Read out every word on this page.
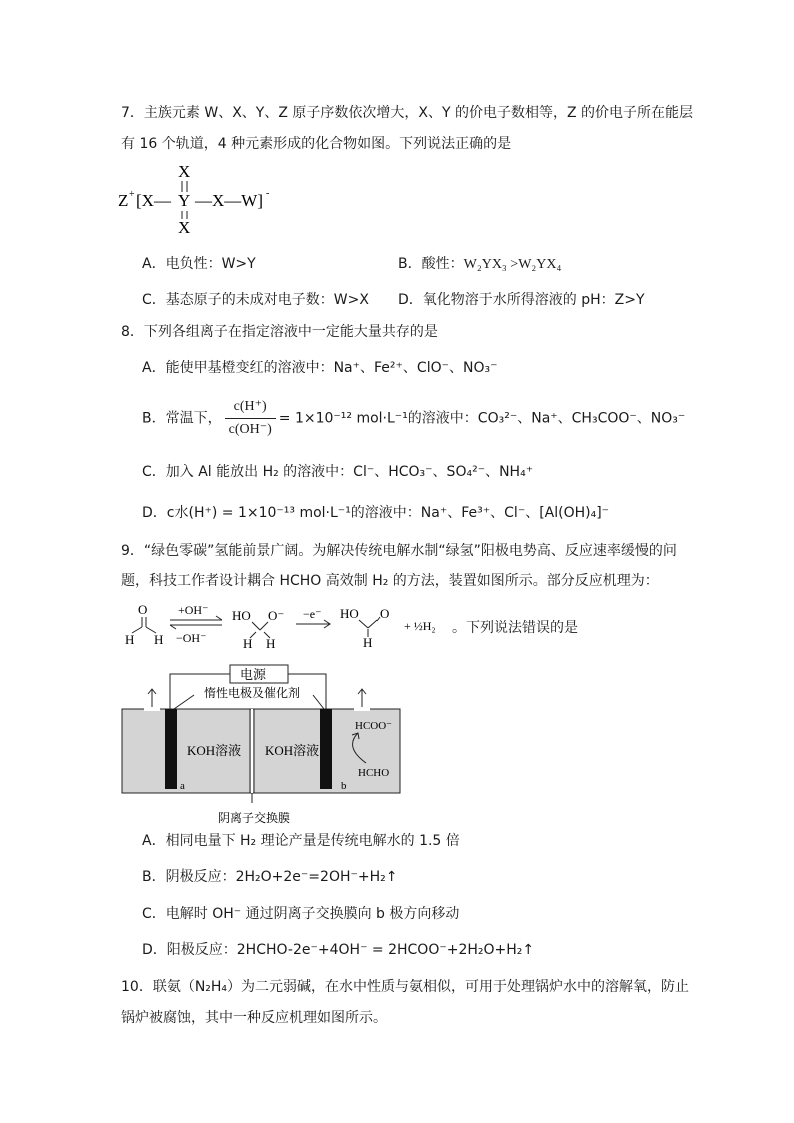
7．主族元素 W、X、Y、Z 原子序数依次增大，X、Y 的价电子数相等，Z 的价电子所在能层
有 16 个轨道，4 种元素形成的化合物如图。下列说法正确的是
Z + [X— Y —X—W] -
X
X
A．电负性：W>Y	B．酸性：W₂YX₃ >W₂YX₄
C．基态原子的未成对电子数：W>X D．氧化物溶于水所得溶液的 pH：Z>Y
8．下列各组离子在指定溶液中一定能大量共存的是
A．能使甲基橙变红的溶液中：Na⁺、Fe²⁺、ClO⁻、NO₃⁻
B．常温下， $\frac{c(H^+)}{c(OH^-)} = 1\times 10^{-12}$ mol·L⁻¹的溶液中：CO₃²⁻、Na⁺、CH₃COO⁻、NO₃⁻
C．加入 Al 能放出 H₂ 的溶液中：Cl⁻、HCO₃⁻、SO₄²⁻、NH₄⁺
D．c水(H⁺) = 1×10⁻¹³ mol·L⁻¹的溶液中：Na⁺、Fe³⁺、Cl⁻、[Al(OH)₄]⁻
9．“绿色零碳”氢能前景广阔。为解决传统电解水制“绿氢”阳极电势高、反应速率缓慢的问
题，科技工作者设计耦合 HCHO 高效制 H₂ 的方法，装置如图所示。部分反应机理为：
O
H H
+OH⁻
−OH⁻
HO O⁻
H H
−e⁻ HO O
H
+ ½H₂ 。下列说法错误的是
电源
惰性电极及催化剂
KOH溶液 KOH溶液
HCOO⁻
HCHO
a	b
阴离子交换膜
A．相同电量下 H₂ 理论产量是传统电解水的 1.5 倍
B．阴极反应：2H₂O+2e⁻=2OH⁻+H₂↑
C．电解时 OH⁻ 通过阴离子交换膜向 b 极方向移动
D．阳极反应：2HCHO-2e⁻+4OH⁻ = 2HCOO⁻+2H₂O+H₂↑
10．联氨（N₂H₄）为二元弱碱，在水中性质与氨相似，可用于处理锅炉水中的溶解氧，防止
锅炉被腐蚀，其中一种反应机理如图所示。
